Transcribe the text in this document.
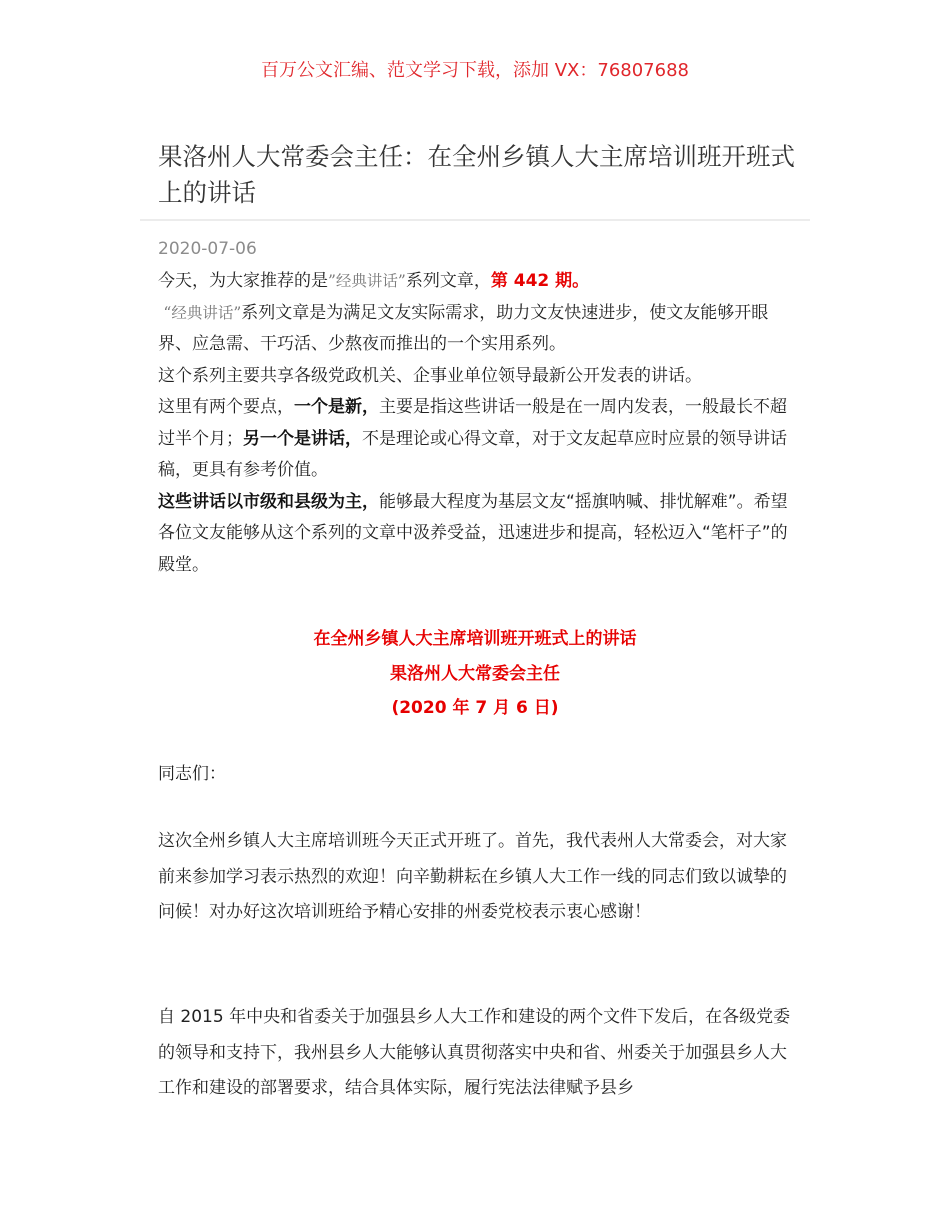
百万公文汇编、范文学习下载，添加 VX：76807688
果洛州人大常委会主任：在全州乡镇人大主席培训班开班式上的讲话
2020-07-06

今天，为大家推荐的是”经典讲话”系列文章，第 442 期。

“经典讲话”系列文章是为满足文友实际需求，助力文友快速进步，使文友能够开眼界、应急需、干巧活、少熬夜而推出的一个实用系列。

这个系列主要共享各级党政机关、企事业单位领导最新公开发表的讲话。

这里有两个要点，一个是新，主要是指这些讲话一般是在一周内发表，一般最长不超过半个月；另一个是讲话，不是理论或心得文章，对于文友起草应时应景的领导讲话稿，更具有参考价值。

这些讲话以市级和县级为主，能够最大程度为基层文友“摇旗呐喊、排忧解难”。希望各位文友能够从这个系列的文章中汲养受益，迅速进步和提高，轻松迈入“笔杆子”的殿堂。

在全州乡镇人大主席培训班开班式上的讲话
果洛州人大常委会主任
(2020 年 7 月 6 日)
同志们：
这次全州乡镇人大主席培训班今天正式开班了。首先，我代表州人大常委会，对大家前来参加学习表示热烈的欢迎！向辛勤耕耘在乡镇人大工作一线的同志们致以诚挚的问候！对办好这次培训班给予精心安排的州委党校表示衷心感谢！
自 2015 年中央和省委关于加强县乡人大工作和建设的两个文件下发后，在各级党委的领导和支持下，我州县乡人大能够认真贯彻落实中央和省、州委关于加强县乡人大工作和建设的部署要求，结合具体实际，履行宪法法律赋予县乡
